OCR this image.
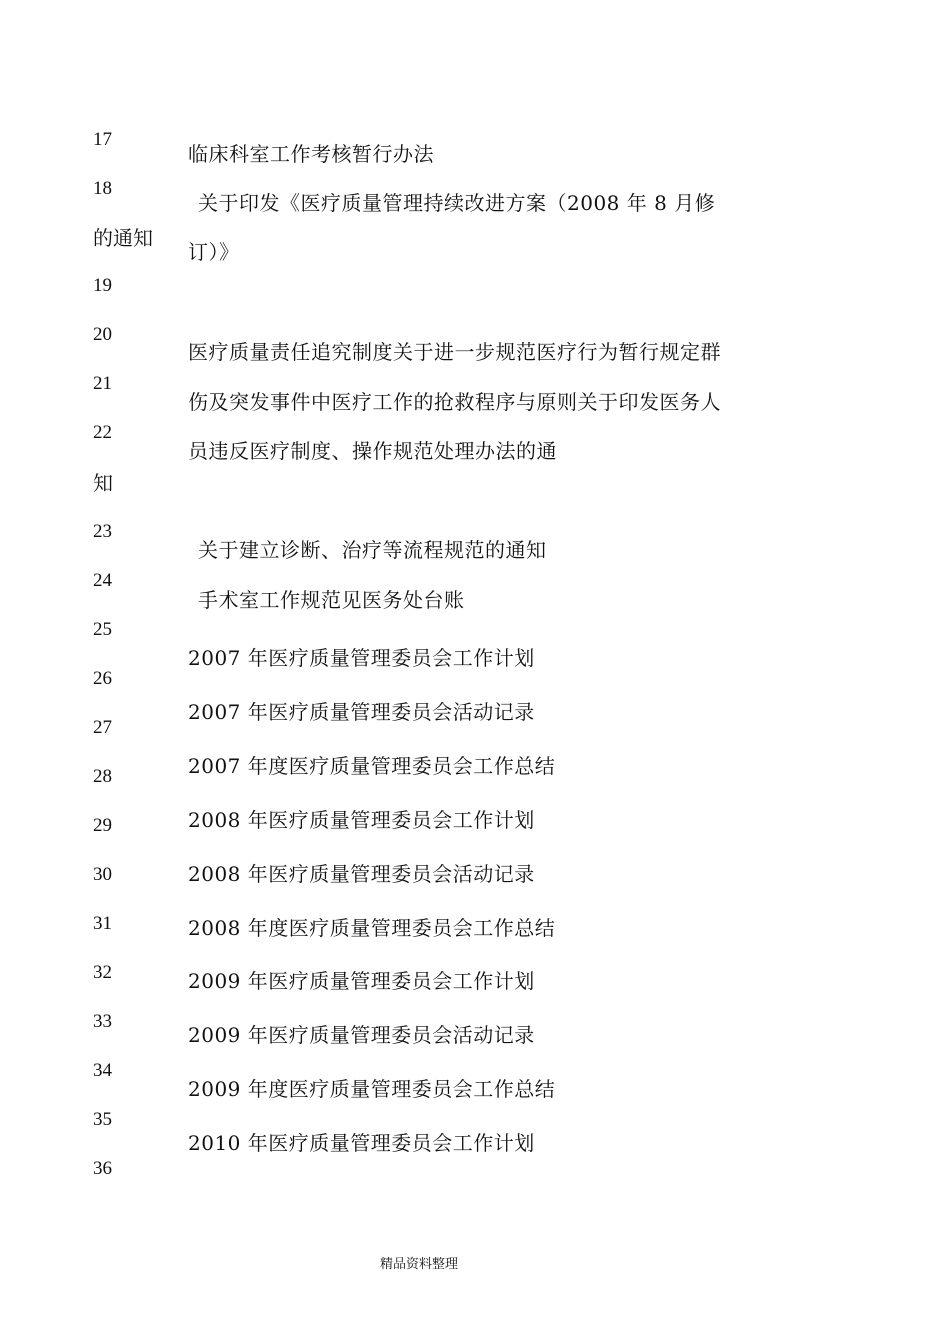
17
18
19
20
21
22
23
24
25
26
27
28
29
30
31
32
33
34
35
36
临床科室工作考核暂行办法
关于印发《医疗质量管理持续改进方案（2008 年 8 月修
的通知
订）》
医疗质量责任追究制度关于进一步规范医疗行为暂行规定群
伤及突发事件中医疗工作的抢救程序与原则关于印发医务人
员违反医疗制度、操作规范处理办法的通
知
关于建立诊断、治疗等流程规范的通知
手术室工作规范见医务处台账
2007 年医疗质量管理委员会工作计划
2007 年医疗质量管理委员会活动记录
2007 年度医疗质量管理委员会工作总结
2008 年医疗质量管理委员会工作计划
2008 年医疗质量管理委员会活动记录
2008 年度医疗质量管理委员会工作总结
2009 年医疗质量管理委员会工作计划
2009 年医疗质量管理委员会活动记录
2009 年度医疗质量管理委员会工作总结
2010 年医疗质量管理委员会工作计划
精品资料整理
